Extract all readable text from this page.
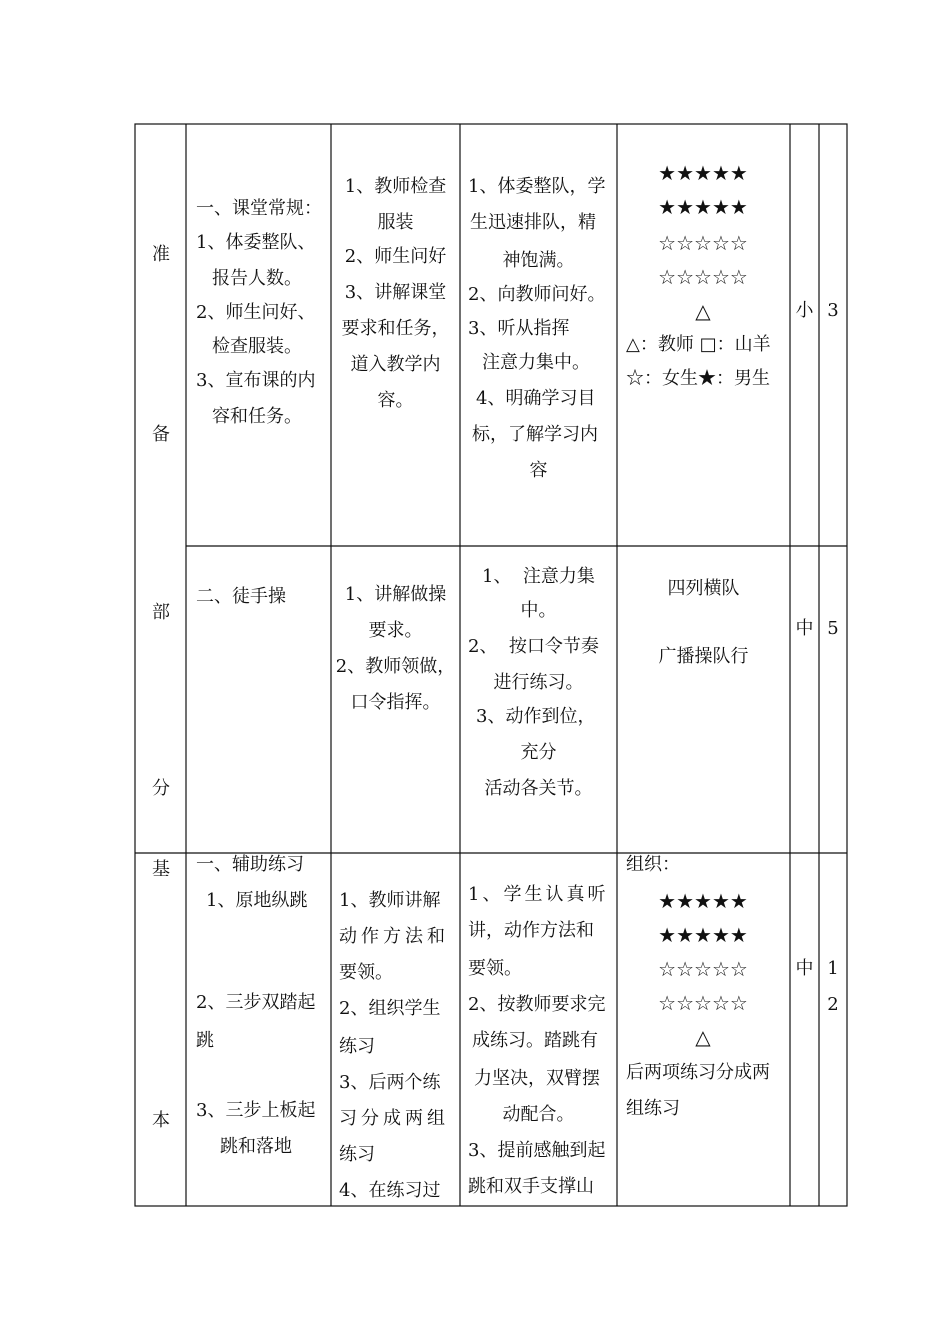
准
备
部
分
基
本
一、课堂常规：
1、体委整队、
报告人数。
2、师生问好、
检查服装。
3、宣布课的内
容和任务。
1、教师检查
服装
2、师生问好
3、讲解课堂
要求和任务，
道入教学内
容。
1、体委整队，学
生迅速排队，精
神饱满。
2、向教师问好。
3、听从指挥
注意力集中。
4、明确学习目
标，了解学习内
容
★★★★★
★★★★★
☆☆☆☆☆
☆☆☆☆☆
△
△：教师 □：山羊
☆：女生★：男生
小 3
二、徒手操	1、讲解做操
要求。
2、教师领做，
口令指挥。
1、  注意力集
中。
2、  按口令节奏
进行练习。
3、动作到位，
充分
活动各关节。
四列横队
广播操队行
中 5
一、辅助练习
1、原地纵跳
2、三步双踏起
跳
3、三步上板起
跳和落地
1、教师讲解
动作方法和
要领。
2、组织学生
练习
3、后两个练
习分成两组
练习
4、在练习过
1、学生认真听
讲，动作方法和
要领。
2、按教师要求完
成练习。踏跳有
力坚决，双臂摆
动配合。
3、提前感触到起
跳和双手支撑山
组织：
★★★★★
★★★★★
☆☆☆☆☆
☆☆☆☆☆
△
后两项练习分成两
组练习
中 1
2
